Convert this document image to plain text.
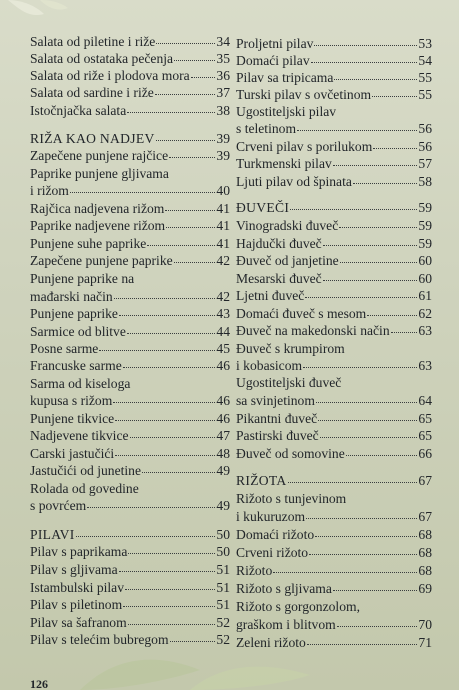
Salata od piletine i riže	34
Salata od ostataka pečenja	35
Salata od riže i plodova mora 36
Salata od sardine i riže	37
Istočnjačka salata	38
RIŽA KAO NADJEV	39
Zapečene punjene rajčice	39
Paprike punjene gljivama
i rižom	40
Rajčica nadjevena rižom	41
Paprike nadjevene rižom	41
Punjene suhe paprike	41
Zapečene punjene paprike	42
Punjene paprike na
mađarski način	42
Punjene paprike	43
Sarmice od blitve	44
Posne sarme	45
Francuske sarme	46
Sarma od kiseloga
kupusa s rižom	46
Punjene tikvice	46
Nadjevene tikvice	47
Carski jastučići	48
Jastučići od junetine	49
Rolada od govedine
s povrćem	49
PILAVI	50
Pilav s paprikama	50
Pilav s gljivama	51
Istambulski pilav	51
Pilav s piletinom	51
Pilav sa šafranom	52
Pilav s telećim bubregom	52
Proljetni pilav	53
Domaći pilav	54
Pilav sa tripicama	55
Turski pilav s ovčetinom	55
Ugostiteljski pilav
s teletinom	56
Crveni pilav s porilukom	56
Turkmenski pilav	57
Ljuti pilav od špinata	58
ĐUVEČI	59
Vinogradski đuveč	59
Hajdučki đuveč	59
Đuveč od janjetine	60
Mesarski đuveč	60
Ljetni đuveč	61
Domaći đuveč s mesom	62
Đuveč na makedonski način 63
Đuveč s krumpirom
i kobasicom	63
Ugostiteljski đuveč
sa svinjetinom	64
Pikantni đuveč	65
Pastirski đuveč	65
Đuveč od somovine	66
RIŽOTA	67
Rižoto s tunjevinom
i kukuruzom	67
Domaći rižoto	68
Crveni rižoto	68
Rižoto	68
Rižoto s gljivama	69
Rižoto s gorgonzolom,
graškom i blitvom	70
Zeleni rižoto	71
126
